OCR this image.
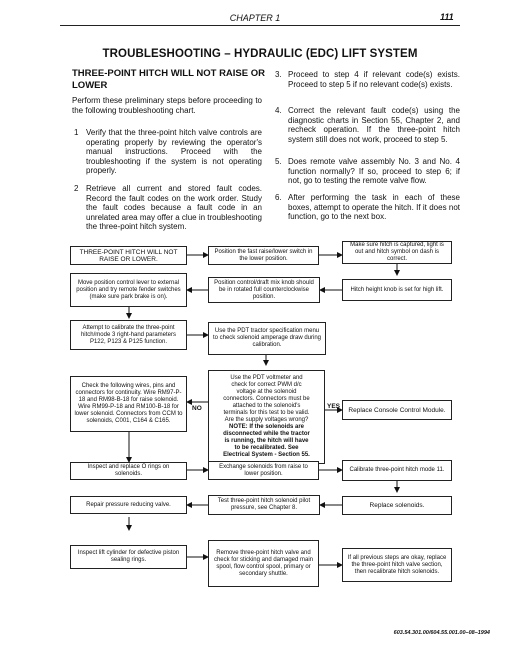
CHAPTER 1	111
TROUBLESHOOTING – HYDRAULIC (EDC) LIFT SYSTEM
THREE-POINT HITCH WILL NOT RAISE OR LOWER
Perform these preliminary steps before proceeding to the following troubleshooting chart.
1 Verify that the three-point hitch valve controls are operating properly by reviewing the operator's manual instructions. Proceed with the troubleshooting if the system is not operating properly.
2 Retrieve all current and stored fault codes. Record the fault codes on the work order. Study the fault codes because a fault code in an unrelated area may offer a clue in troubleshooting the three-point hitch system.
3. Proceed to step 4 if relevant code(s) exists. Proceed to step 5 if no relevant code(s) exists.
4. Correct the relevant fault code(s) using the diagnostic charts in Section 55, Chapter 2, and recheck operation. If the three-point hitch system still does not work, proceed to step 5.
5. Does remote valve assembly No. 3 and No. 4 function normally? If so, proceed to step 6; if not, go to testing the remote valve flow.
6. After performing the task in each of these boxes, attempt to operate the hitch. If it does not function, go to the next box.
THREE-POINT HITCH WILL NOT RAISE OR LOWER.
Position the fast raise/lower switch in the lower position.
Make sure hitch is captured, light is out and hitch symbol on dash is correct.
Move position control lever to external position and try remote fender switches (make sure park brake is on).
Position control/draft mix knob should be in rotated full counterclockwise position.
Hitch height knob is set for high lift.
Attempt to calibrate the three-point hitch/mode 3 right-hand parameters P122, P123 & P125 function.
Use the PDT tractor specification menu to check solenoid amperage draw during calibration.
Use the PDT voltmeter and
check for correct PWM d/c
voltage at the solenoid
connectors. Connectors must be
attached to the solenoid's
terminals for this test to be valid.
Are the supply voltages wrong?
NOTE: If the solenoids are
disconnected while the tractor
is running, the hitch will have
to be recalibrated. See
Electrical System - Section 55.
Check the following wires, pins and connectors for continuity. Wire RM97-P-18 and RM98-B-18 for raise solenoid. Wire RM99-P-18 and RM100-B-18 for lower solenoid. Connectors from CCM to solenoids, C001, C164 & C165.
Replace Console Control Module.
NO	YES
Inspect and replace O rings on solenoids.
Exchange solenoids from raise to lower position.
Calibrate three-point hitch mode 11.
Repair pressure reducing valve.
Test three-point hitch solenoid pilot pressure, see Chapter 8.	Replace solenoids.
Inspect lift cylinder for defective piston sealing rings.
Remove three-point hitch valve and check for sticking and damaged main spool, flow control spool, primary or secondary shuttle.
If all previous steps are okay, replace the three-point hitch valve section, then recalibrate hitch solenoids.
603.54.301.00/604.55.001.00–08–1994
